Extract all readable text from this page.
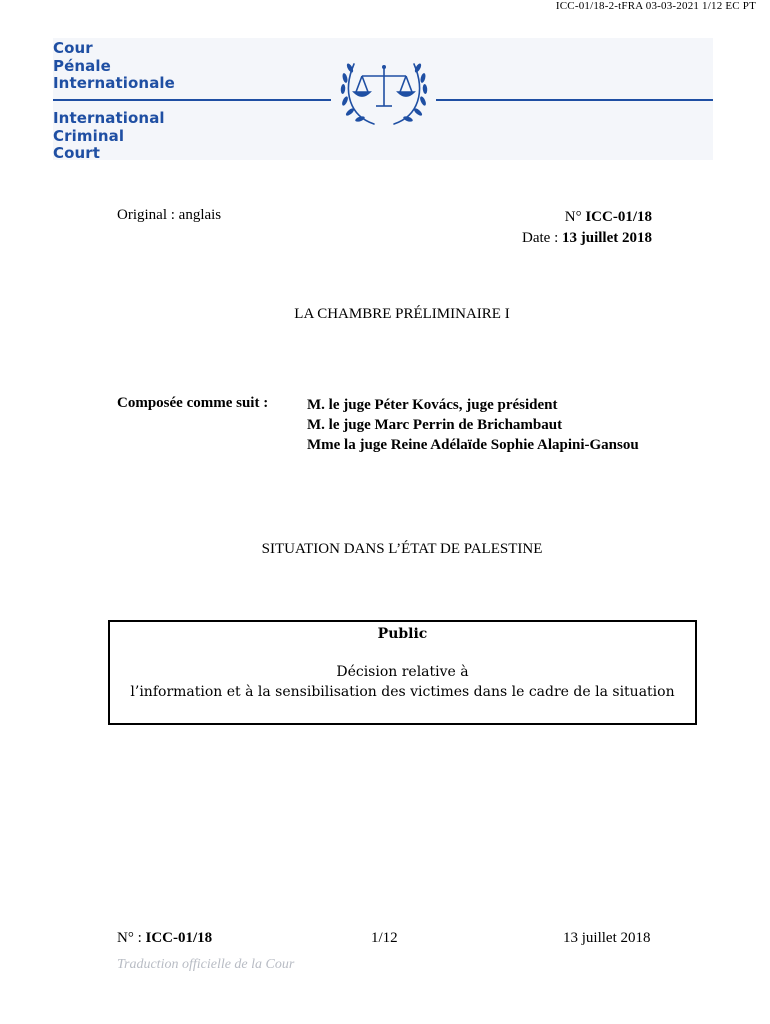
ICC-01/18-2-tFRA 03-03-2021 1/12 EC PT
Cour
Pénale
Internationale
International
Criminal
Court
Original : anglais	N° ICC-01/18
Date : 13 juillet 2018
LA CHAMBRE PRÉLIMINAIRE I
Composée comme suit :	M. le juge Péter Kovács, juge président
M. le juge Marc Perrin de Brichambaut
Mme la juge Reine Adélaïde Sophie Alapini-Gansou
SITUATION DANS L’ÉTAT DE PALESTINE
Public
Décision relative à
l’information et à la sensibilisation des victimes dans le cadre de la situation
N° : ICC-01/18	1/12	13 juillet 2018
Traduction officielle de la Cour
